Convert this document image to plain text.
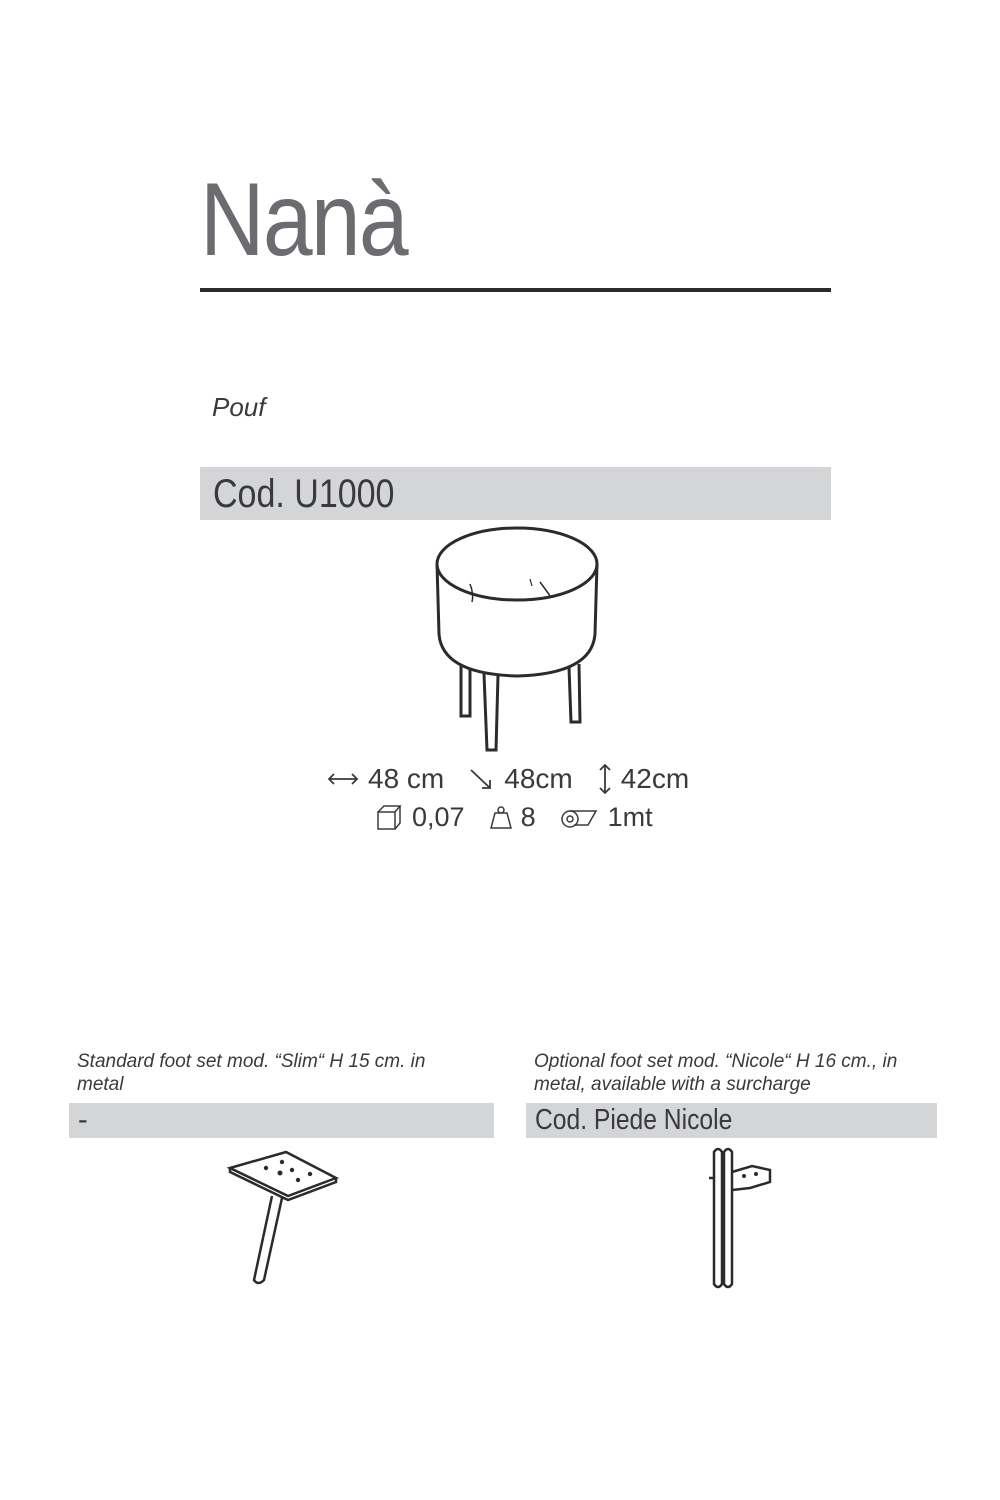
Nanà
Pouf
Cod. U1000
48 cm 48cm 42cm
0,07 8	1mt
Standard foot set mod. “Slim“ H 15 cm. in metal
-
Optional foot set mod. “Nicole“ H 16 cm., in metal, available with a surcharge
Cod. Piede Nicole
